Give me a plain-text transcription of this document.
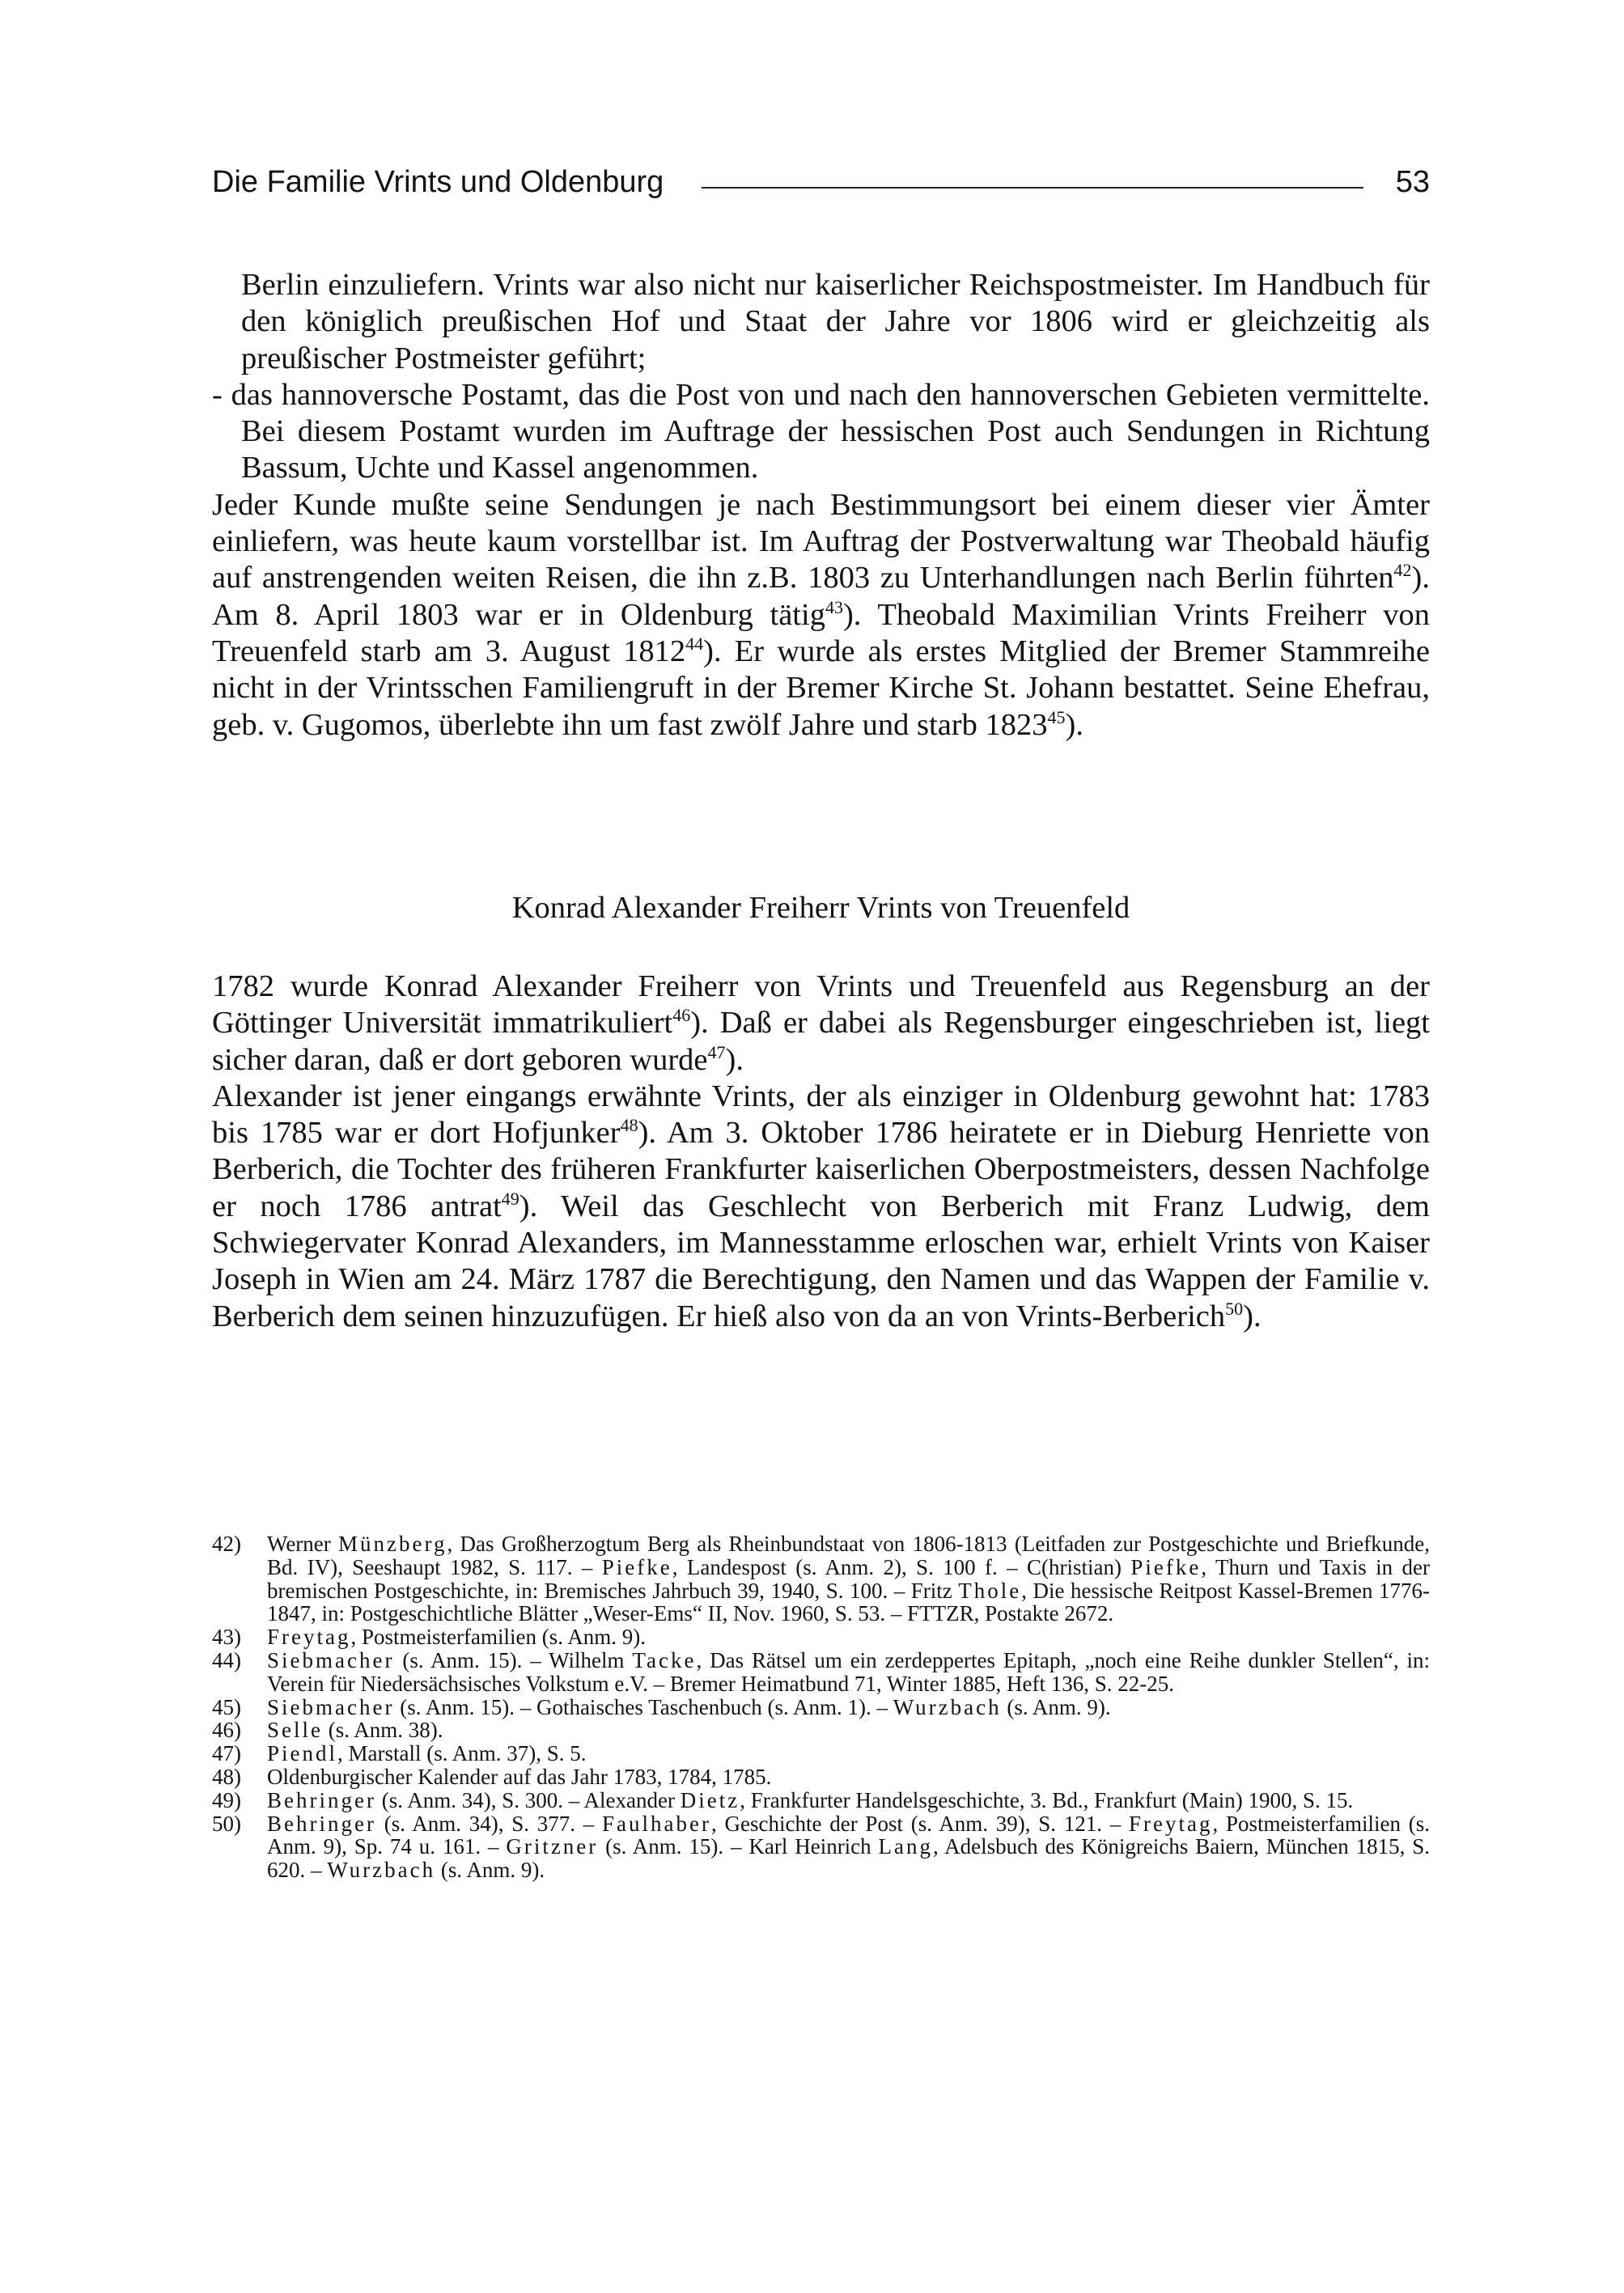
Die Familie Vrints und Oldenburg	53

Berlin einzuliefern. Vrints war also nicht nur kaiserlicher Reichspostmeister. Im Handbuch für den königlich preußischen Hof und Staat der Jahre vor 1806 wird er gleichzeitig als preußischer Postmeister geführt;

- das hannoversche Postamt, das die Post von und nach den hannoverschen Gebieten vermittelte. Bei diesem Postamt wurden im Auftrage der hessischen Post auch Sendungen in Richtung Bassum, Uchte und Kassel angenommen.

Jeder Kunde mußte seine Sendungen je nach Bestimmungsort bei einem dieser vier Ämter einliefern, was heute kaum vorstellbar ist. Im Auftrag der Postverwaltung war Theobald häufig auf anstrengenden weiten Reisen, die ihn z.B. 1803 zu Unterhandlungen nach Berlin führten$^{42}$). Am 8. April 1803 war er in Oldenburg tätig$^{43}$). Theobald Maximilian Vrints Freiherr von Treuenfeld starb am 3. August 1812$^{44}$). Er wurde als erstes Mitglied der Bremer Stammreihe nicht in der Vrintsschen Familiengruft in der Bremer Kirche St. Johann bestattet. Seine Ehefrau, geb. v. Gugomos, überlebte ihn um fast zwölf Jahre und starb 1823$^{45}$).

Konrad Alexander Freiherr Vrints von Treuenfeld

1782 wurde Konrad Alexander Freiherr von Vrints und Treuenfeld aus Regensburg an der Göttinger Universität immatrikuliert$^{46}$). Daß er dabei als Regensburger eingeschrieben ist, liegt sicher daran, daß er dort geboren wurde$^{47}$).

Alexander ist jener eingangs erwähnte Vrints, der als einziger in Oldenburg gewohnt hat: 1783 bis 1785 war er dort Hofjunker$^{48}$). Am 3. Oktober 1786 heiratete er in Dieburg Henriette von Berberich, die Tochter des früheren Frankfurter kaiserlichen Oberpostmeisters, dessen Nachfolge er noch 1786 antrat$^{49}$). Weil das Geschlecht von Berberich mit Franz Ludwig, dem Schwiegervater Konrad Alexanders, im Mannesstamme erloschen war, erhielt Vrints von Kaiser Joseph in Wien am 24. März 1787 die Berechtigung, den Namen und das Wappen der Familie v. Berberich dem seinen hinzuzufügen. Er hieß also von da an von Vrints-Berberich$^{50}$).

42) Werner Münzberg, Das Großherzogtum Berg als Rheinbundstaat von 1806-1813 (Leitfaden zur Postgeschichte und Briefkunde, Bd. IV), Seeshaupt 1982, S. 117. – Piefke, Landespost (s. Anm. 2), S. 100 f. – C(hristian) Piefke, Thurn und Taxis in der bremischen Postgeschichte, in: Bremisches Jahrbuch 39, 1940, S. 100. – Fritz Thole, Die hessische Reitpost Kassel-Bremen 1776-1847, in: Postgeschichtliche Blätter „Weser-Ems“ II, Nov. 1960, S. 53. – FTTZR, Postakte 2672.

43) Freytag, Postmeisterfamilien (s. Anm. 9).

44) Siebmacher (s. Anm. 15). – Wilhelm Tacke, Das Rätsel um ein zerdeppertes Epitaph, „noch eine Reihe dunkler Stellen“, in: Verein für Niedersächsisches Volkstum e.V. – Bremer Heimatbund 71, Winter 1885, Heft 136, S. 22-25.

45) Siebmacher (s. Anm. 15). – Gothaisches Taschenbuch (s. Anm. 1). – Wurzbach (s. Anm. 9).

46) Selle (s. Anm. 38).

47) Piendl, Marstall (s. Anm. 37), S. 5.

48) Oldenburgischer Kalender auf das Jahr 1783, 1784, 1785.

49) Behringer (s. Anm. 34), S. 300. – Alexander Dietz, Frankfurter Handelsgeschichte, 3. Bd., Frankfurt (Main) 1900, S. 15.

50) Behringer (s. Anm. 34), S. 377. – Faulhaber, Geschichte der Post (s. Anm. 39), S. 121. – Freytag, Postmeisterfamilien (s. Anm. 9), Sp. 74 u. 161. – Gritzner (s. Anm. 15). – Karl Heinrich Lang, Adelsbuch des Königreichs Baiern, München 1815, S. 620. – Wurzbach (s. Anm. 9).
